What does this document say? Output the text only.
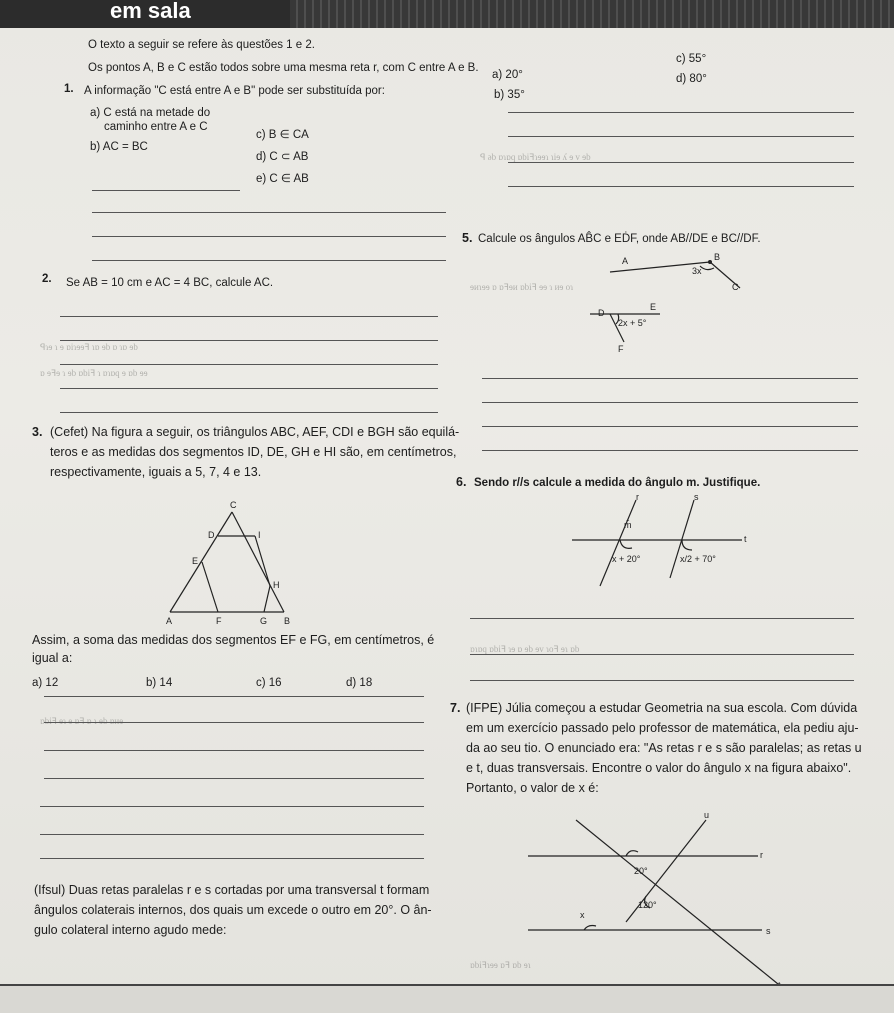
em sala
ꟼ əb ɒɿɒq ɒbiꟻɿɘɘɿ ɿiɘ ʎ ɘ v ɘb
ɘᴎɿɘɘ ɒ ɒꟻɘᴎ ɒbiꟻ ɘɘ ɿ ᴎɘ oɿ
ꟼɿɘ ɿ ɘ ɒiɿɘɘꟻ ɿɒ ɘb ɒ ɿɒ ɘb
ɒ ɘꟻɘ ɿ ɘb ɒbiꟻ ɿ ɒɿɒq ɘ ɒb ɘɘ
ɒɿɒq ɒbiꟻ ɿɘ ɒ ɘb ɘv ɿoꟻ ɘɿ ɒb
ɒbiꟻ ɘɿ ɘ ɒꟻ ɒ ɿ ɘb ɒᴎɘ
ɒbiꟻɿɘɘ ɒꟻ ɒb ɘɿ
O texto a seguir se refere às questões 1 e 2.
Os pontos A, B e C estão todos sobre uma mesma reta r, com C entre A e B.
1. A informação "C está entre A e B" pode ser substituída por:
a) C está na metade do
caminho entre A e C
b) AC = BC
c) B ∈ CA
d) C ⊂ AB
e) C ∈ AB
2. Se AB = 10 cm e AC = 4 BC, calcule AC.
3. (Cefet) Na figura a seguir, os triângulos ABC, AEF, CDI e BGH são equilá-
teros e as medidas dos segmentos ID, DE, GH e HI são, em centímetros,
respectivamente, iguais a 5, 7, 4 e 13.
C
D	I
E
H
A	F	G B
Assim, a soma das medidas dos segmentos EF e FG, em centímetros, é
igual a:
a) 12	b) 14	c) 16	d) 18
(Ifsul) Duas retas paralelas r e s cortadas por uma transversal t formam
ângulos colaterais internos, dos quais um excede o outro em 20°. O ân-
gulo colateral interno agudo mede:
a) 20°
b) 35°
c) 55°
d) 80°
5. Calcule os ângulos AB̂C e EḊF, onde AB//DE e BC//DF.
A	B
C
D
E
F
3x
2x + 5°
6. Sendo r//s calcule a medida do ângulo m. Justifique.
r	s
t
m̂
x + 20°	x/2 + 70°
7. (IFPE) Júlia começou a estudar Geometria na sua escola. Com dúvida
em um exercício passado pelo professor de matemática, ela pediu aju-
da ao seu tio. O enunciado era: "As retas r e s são paralelas; as retas u
e t, duas transversais. Encontre o valor do ângulo x na figura abaixo".
Portanto, o valor de x é:
u
r
s
x
20°
120°
